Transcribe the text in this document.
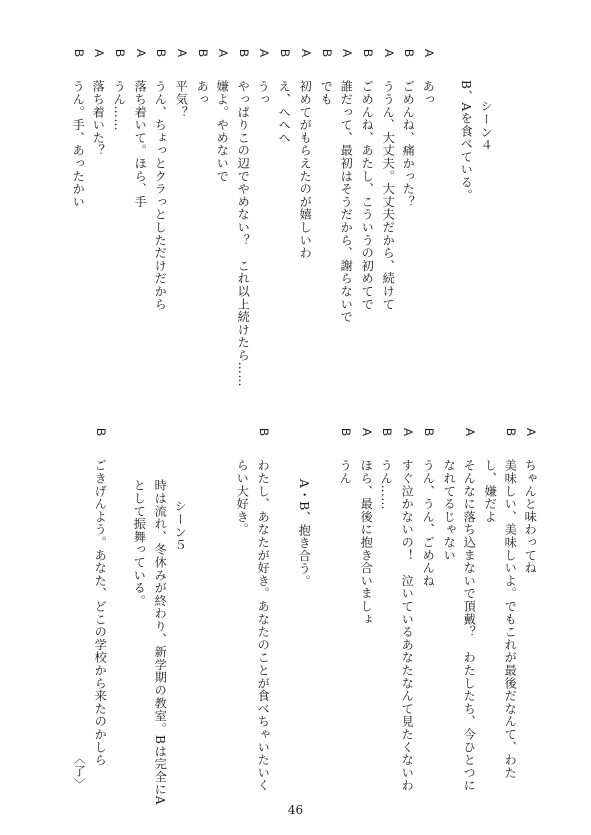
A
B
A
B
A
B
A
B
A
B
A
B
A
B
A
B
A
B
シーン４
B、Aを食べている。
あっ
ごめんね、痛かった？
ううん、大丈夫。大丈夫だから、続けて
ごめんね、あたし、こういうの初めてで
誰だって、最初はそうだから、謝らないで
でも
初めてがもらえたのが嬉しいわ
え、へへへ
うっ
やっぱりこの辺でやめない？　これ以上続けたら……
嫌よ。やめないで
あっ
平気？
うん、ちょっとクラっとしただけだから
落ち着いて。ほら、手
うん……
落ち着いた？
うん。手、あったかい
A
B
A
B
A
B
A
B
B
B
ちゃんと味わってね
美味しい、美味しいよ。でもこれが最後だなんて、わた
し、嫌だよ
そんなに落ち込まないで頂戴？　わたしたち、今ひとつに
なれてるじゃない
うん、うん、ごめんね
すぐ泣かないの！　泣いているあなたなんて見たくないわ
うん……
ほら、最後に抱き合いましょ
うん
A・B、抱き合う。
わたし、あなたが好き。あなたのことが食べちゃいたいく
らい大好き。
シーン５
時は流れ、冬休みが終わり、新学期の教室。Bは完全にA
として振舞っている。
ごきげんよう。あなた、どこの学校から来たのかしら
〈了〉
46
